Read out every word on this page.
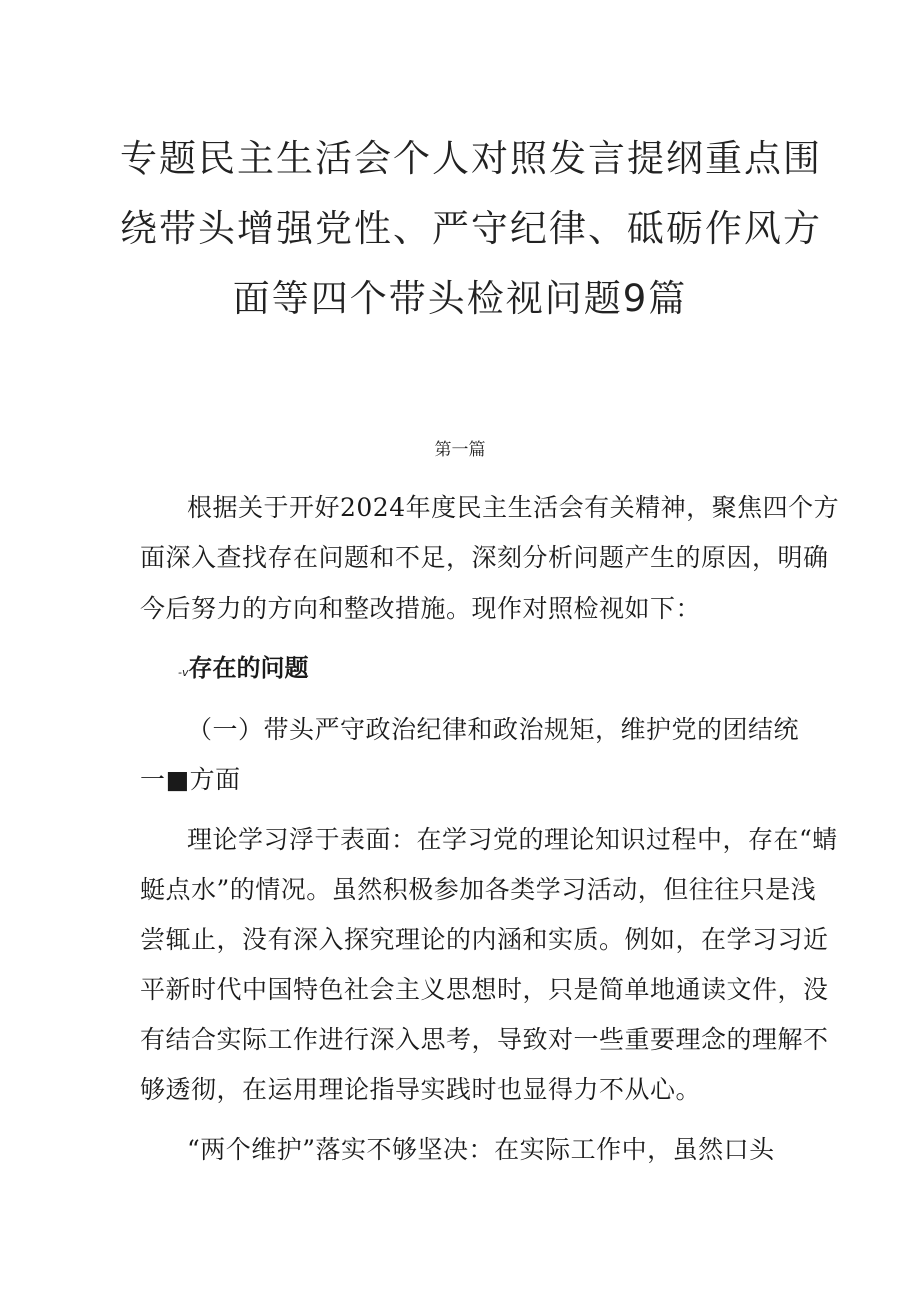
专题民主生活会个人对照发言提纲重点围
绕带头增强党性、严守纪律、砥砺作风方
面等四个带头检视问题9篇
第一篇
根据关于开好2024年度民主生活会有关精神，聚焦四个方
面深入查找存在问题和不足，深刻分析问题产生的原因，明确
今后努力的方向和整改措施。现作对照检视如下：
-v存在的问题
（一）带头严守政治纪律和政治规矩，维护党的团结统
一■方面
理论学习浮于表面：在学习党的理论知识过程中，存在“蜻
蜓点水”的情况。虽然积极参加各类学习活动，但往往只是浅
尝辄止，没有深入探究理论的内涵和实质。例如，在学习习近
平新时代中国特色社会主义思想时，只是简单地通读文件，没
有结合实际工作进行深入思考，导致对一些重要理念的理解不
够透彻，在运用理论指导实践时也显得力不从心。
“两个维护”落实不够坚决：在实际工作中，虽然口头
